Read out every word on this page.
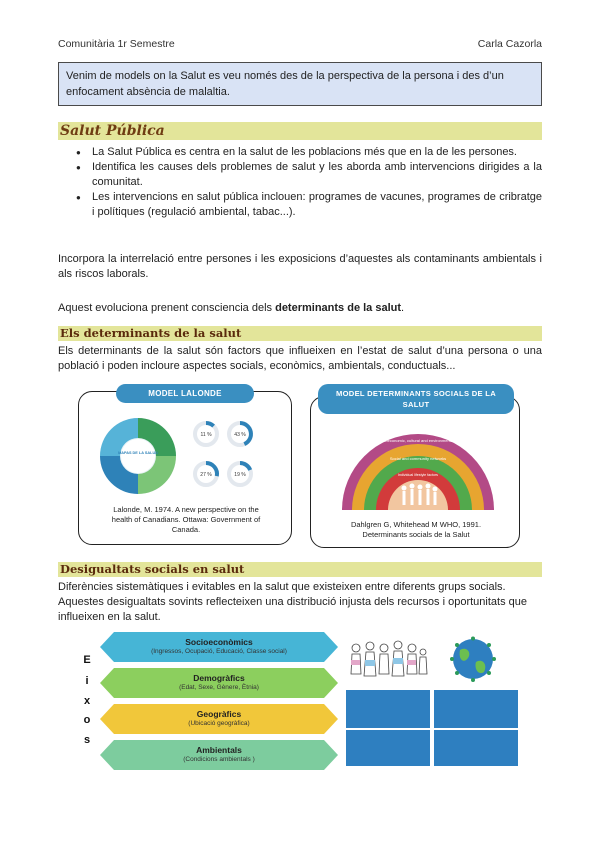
Comunitària 1r Semestre	Carla Cazorla
Venim de models on la Salut es veu només des de la perspectiva de la persona i des d’un enfocament absència de malaltia.
Salut Pública
● La Salut Pública es centra en la salut de les poblacions més que en la de les persones.
● Identifica les causes dels problemes de salut y les aborda amb intervencions dirigides a la comunitat.
● Les intervencions en salut pública inclouen: programes de vacunes, programes de cribratge i polítiques (regulació ambiental, tabac...).

Incorpora la interrelació entre persones i les exposicions d’aquestes als contaminants ambientals i als riscos laborals.

Aquest evoluciona prenent consciencia dels determinants de la salut.

Els determinants de la salut

Els determinants de la salut són factors que influeixen en l’estat de salut d’una persona o una població i poden incloure aspectes socials, econòmics, ambientals, conductuals...

MODEL LALONDE
MAPAS DE LA SALUD
11 %	43 %
27 %	19 %
Lalonde, M. 1974. A new perspective on the health of Canadians. Ottawa: Government of Canada.
MODEL DETERMINANTS SOCIALS DE LA SALUT
General socioeconomic, cultural and environmental conditions
Social and community networks
Individual lifestyle factors
Dahlgren G, Whitehead M WHO, 1991. Determinants socials de la Salut
Desigualtats socials en salut

Diferències sistemàtiques i evitables en la salut que existeixen entre diferents grups socials. Aquestes desigualtats sovints reflecteixen una distribució injusta dels recursos i oportunitats que influeixen en la salut.

E
i
x
o
s
Socioeconòmics
(Ingressos, Ocupació, Educació, Classe social)
Demogràfics
(Edat, Sexe, Gènere, Ètnia)
Geogràfics
(Ubicació geogràfica)
Ambientals
(Condicions ambientals )
